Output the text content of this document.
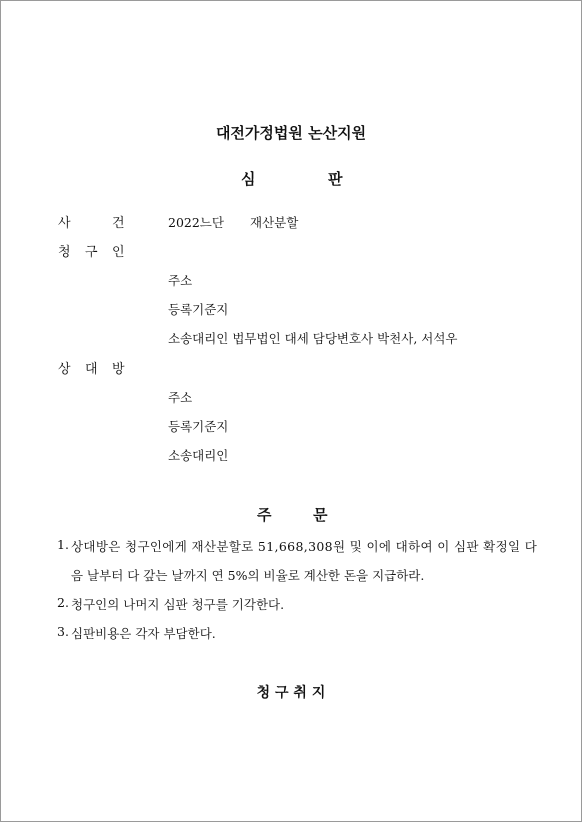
대전가정법원 논산지원
심	판
사	건	2022느단 재산분할
청 구 인
주소
등록기준지
소송대리인 법무법인 대세 담당변호사 박천사, 서석우
상 대 방
주소
등록기준지
소송대리인
주	문
1. 상대방은 청구인에게 재산분할로 51,668,308원 및 이에 대하여 이 심판 확정일 다
음 날부터 다 갚는 날까지 연 5%의 비율로 계산한 돈을 지급하라.
2. 청구인의 나머지 심판 청구를 기각한다.
3. 심판비용은 각자 부담한다.
청 구 취 지
